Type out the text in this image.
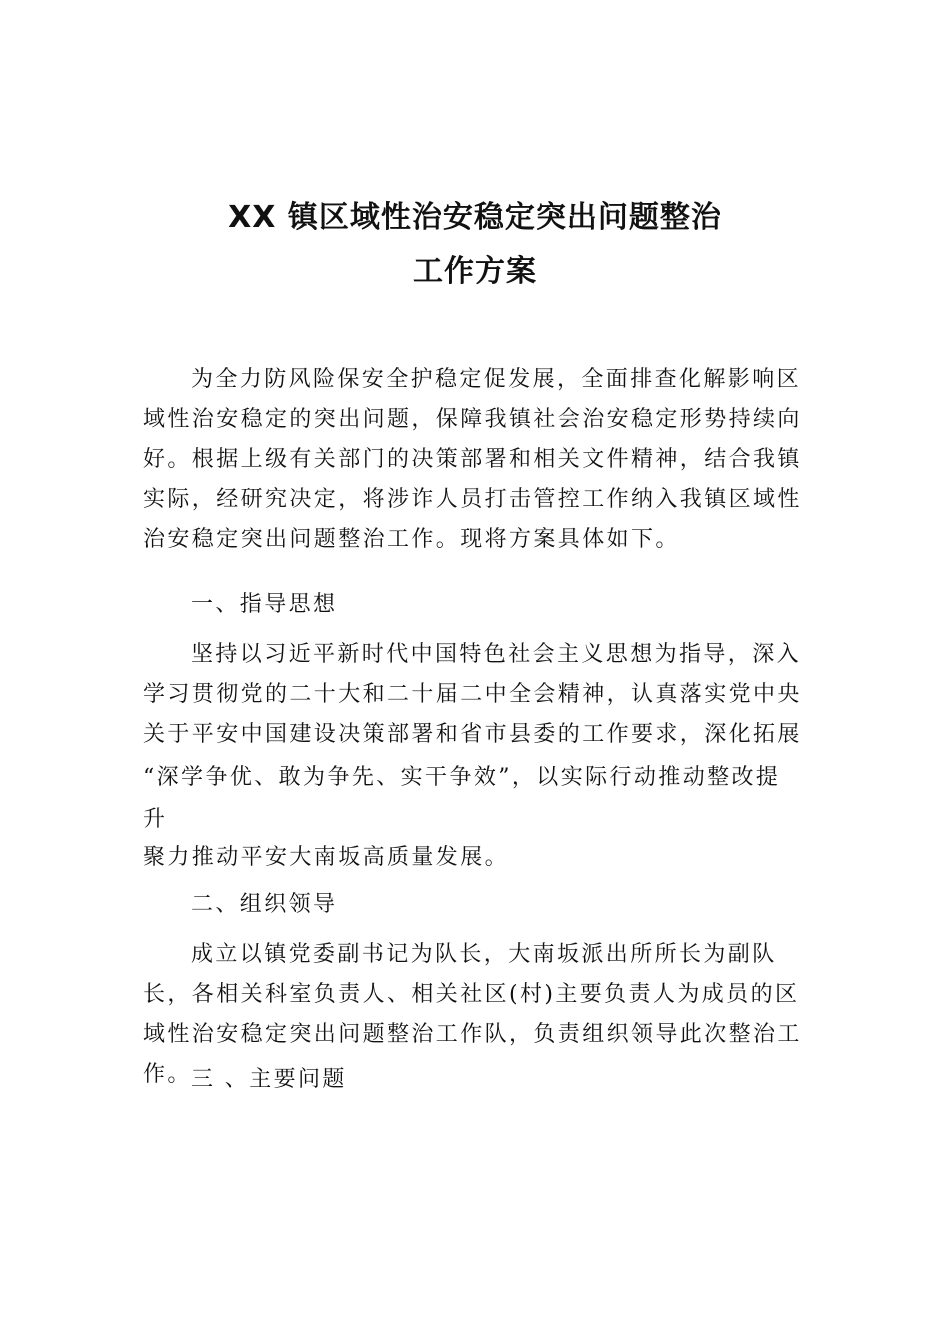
XX 镇区域性治安稳定突出问题整治
工作方案

为全力防风险保安全护稳定促发展，全面排查化解影响区域性治安稳定的突出问题，保障我镇社会治安稳定形势持续向好。根据上级有关部门的决策部署和相关文件精神，结合我镇实际，经研究决定，将涉诈人员打击管控工作纳入我镇区域性治安稳定突出问题整治工作。现将方案具体如下。

一、指导思想

坚持以习近平新时代中国特色社会主义思想为指导，深入学习贯彻党的二十大和二十届二中全会精神，认真落实党中央关于平安中国建设决策部署和省市县委的工作要求，深化拓展

“深学争优、敢为争先、实干争效”，以实际行动推动整改提
升
聚力推动平安大南坂高质量发展。
二、组织领导

成立以镇党委副书记为队长，大南坂派出所所长为副队长，各相关科室负责人、相关社区(村)主要负责人为成员的区域性治安稳定突出问题整治工作队，负责组织领导此次整治工作。 三 、主要问题
